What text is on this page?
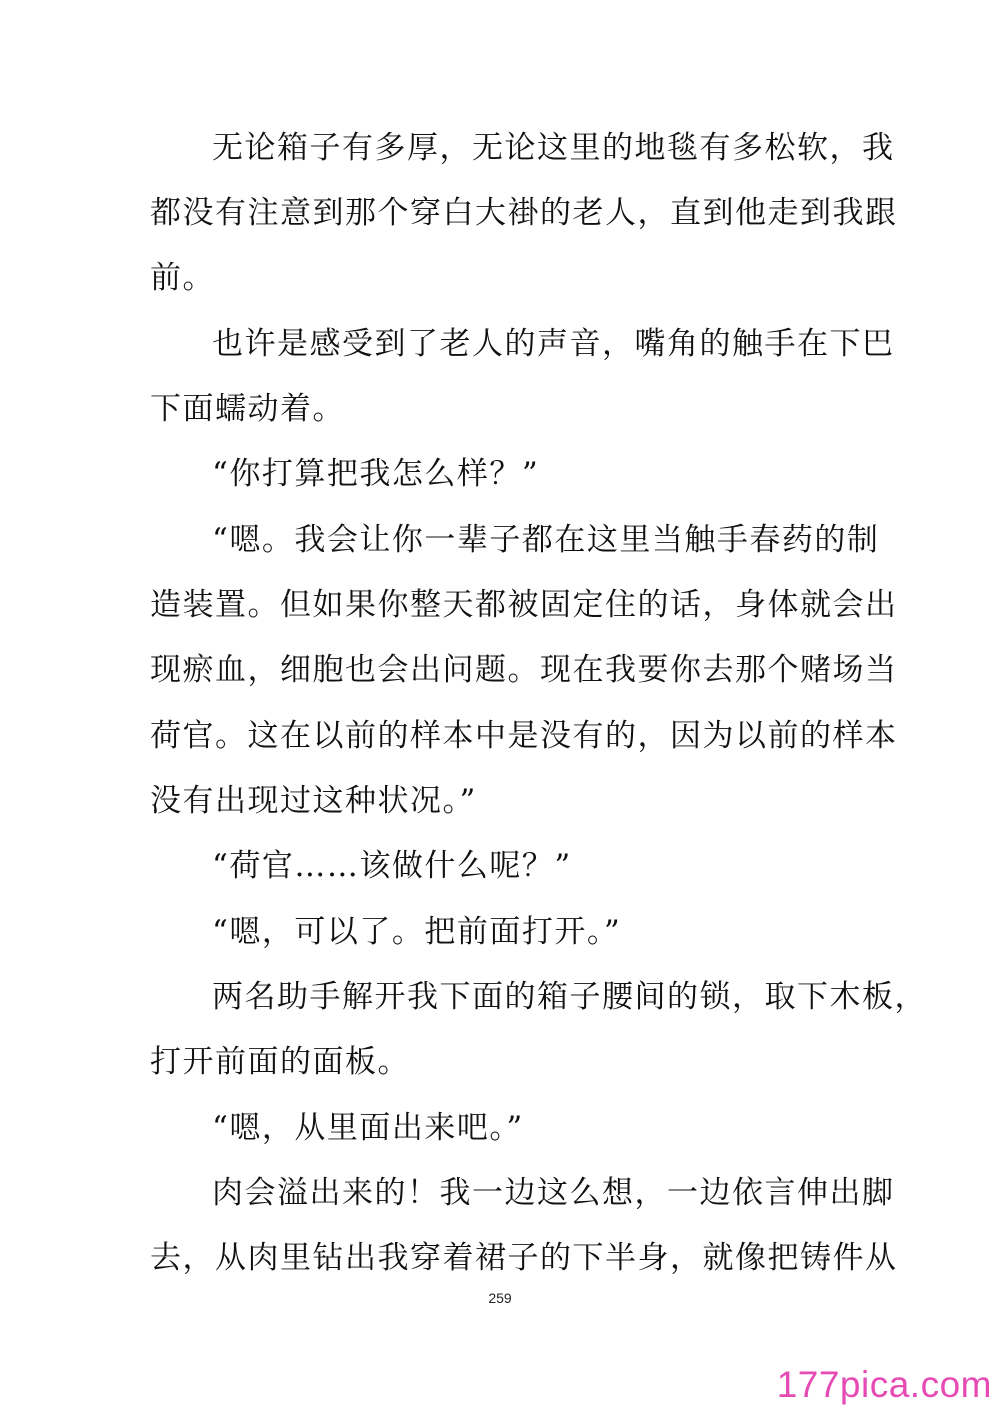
无论箱子有多厚，无论这里的地毯有多松软，我
都没有注意到那个穿白大褂的老人，直到他走到我跟
前。
也许是感受到了老人的声音，嘴角的触手在下巴
下面蠕动着。
“你打算把我怎么样？”
“嗯。我会让你一辈子都在这里当触手春药的制
造装置。但如果你整天都被固定住的话，身体就会出
现瘀血，细胞也会出问题。现在我要你去那个赌场当
荷官。这在以前的样本中是没有的，因为以前的样本
没有出现过这种状况。”
“荷官……该做什么呢？”
“嗯，可以了。把前面打开。”
两名助手解开我下面的箱子腰间的锁，取下木板，
打开前面的面板。
“嗯，从里面出来吧。”
肉会溢出来的！我一边这么想，一边依言伸出脚
去，从肉里钻出我穿着裙子的下半身，就像把铸件从
259
177pica.com
